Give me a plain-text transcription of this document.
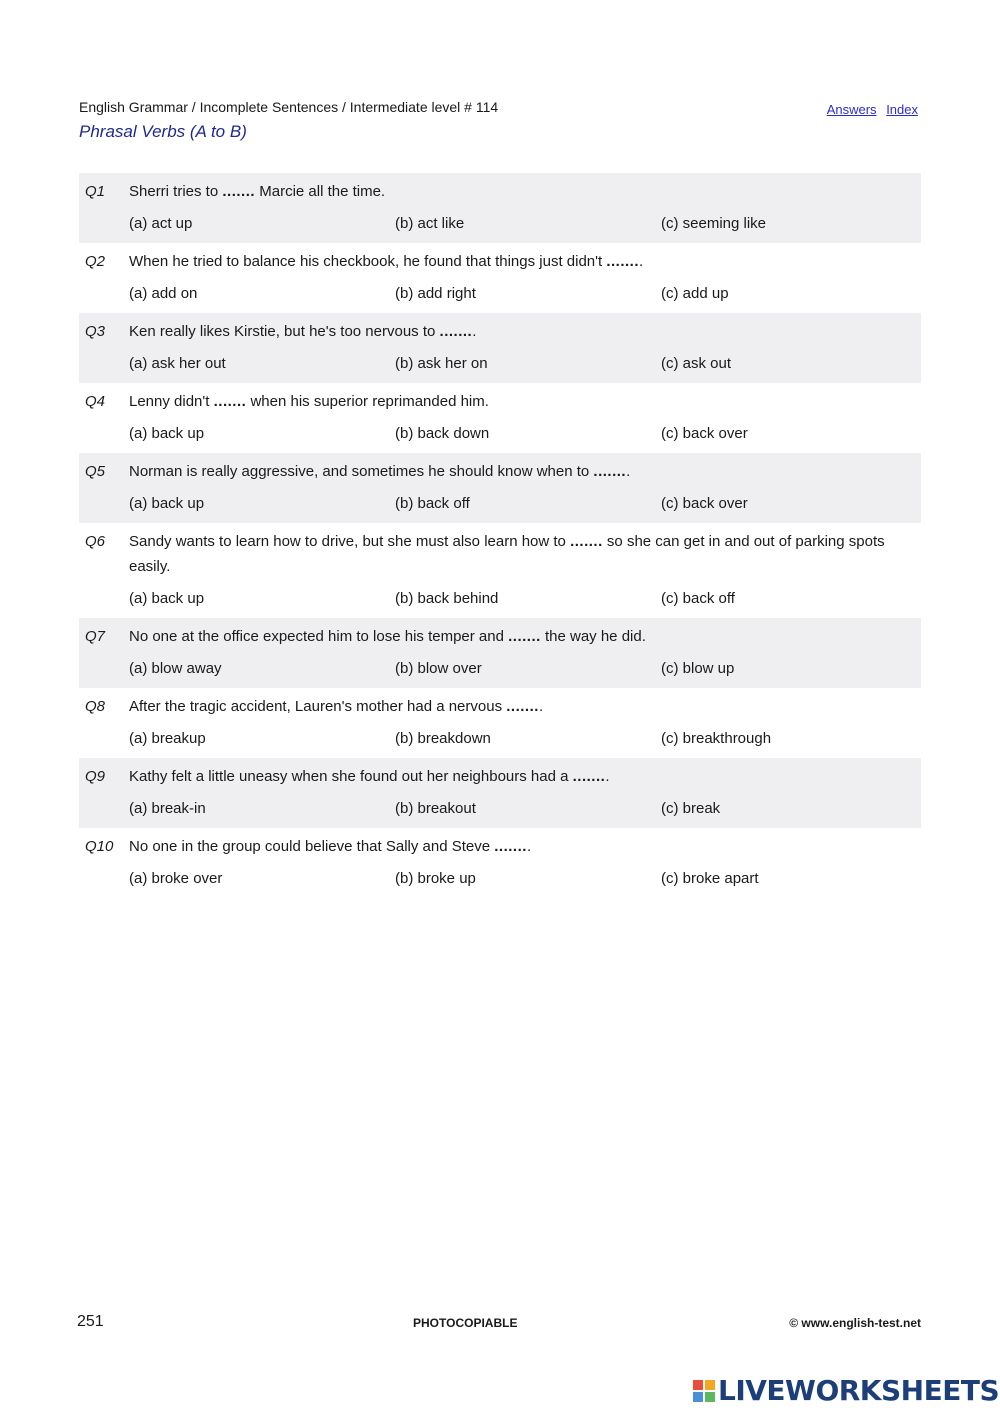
English Grammar / Incomplete Sentences / Intermediate level # 114	Answers Index
Phrasal Verbs (A to B)
Q1	Sherri tries to ....... Marcie all the time.
(a) act up	(b) act like	(c) seeming like
Q2	When he tried to balance his checkbook, he found that things just didn't ........
(a) add on	(b) add right	(c) add up
Q3	Ken really likes Kirstie, but he's too nervous to ........
(a) ask her out	(b) ask her on	(c) ask out
Q4	Lenny didn't ....... when his superior reprimanded him.
(a) back up	(b) back down	(c) back over
Q5	Norman is really aggressive, and sometimes he should know when to ........
(a) back up	(b) back off	(c) back over
Q6	Sandy wants to learn how to drive, but she must also learn how to ....... so she can get in and out of parking spots easily.
(a) back up	(b) back behind	(c) back off
Q7	No one at the office expected him to lose his temper and ....... the way he did.
(a) blow away	(b) blow over	(c) blow up
Q8	After the tragic accident, Lauren's mother had a nervous ........
(a) breakup	(b) breakdown	(c) breakthrough
Q9	Kathy felt a little uneasy when she found out her neighbours had a ........
(a) break-in	(b) breakout	(c) break
Q10	No one in the group could believe that Sally and Steve ........
(a) broke over	(b) broke up	(c) broke apart
251	PHOTOCOPIABLE	© www.english-test.net
LIVEWORKSHEETS
